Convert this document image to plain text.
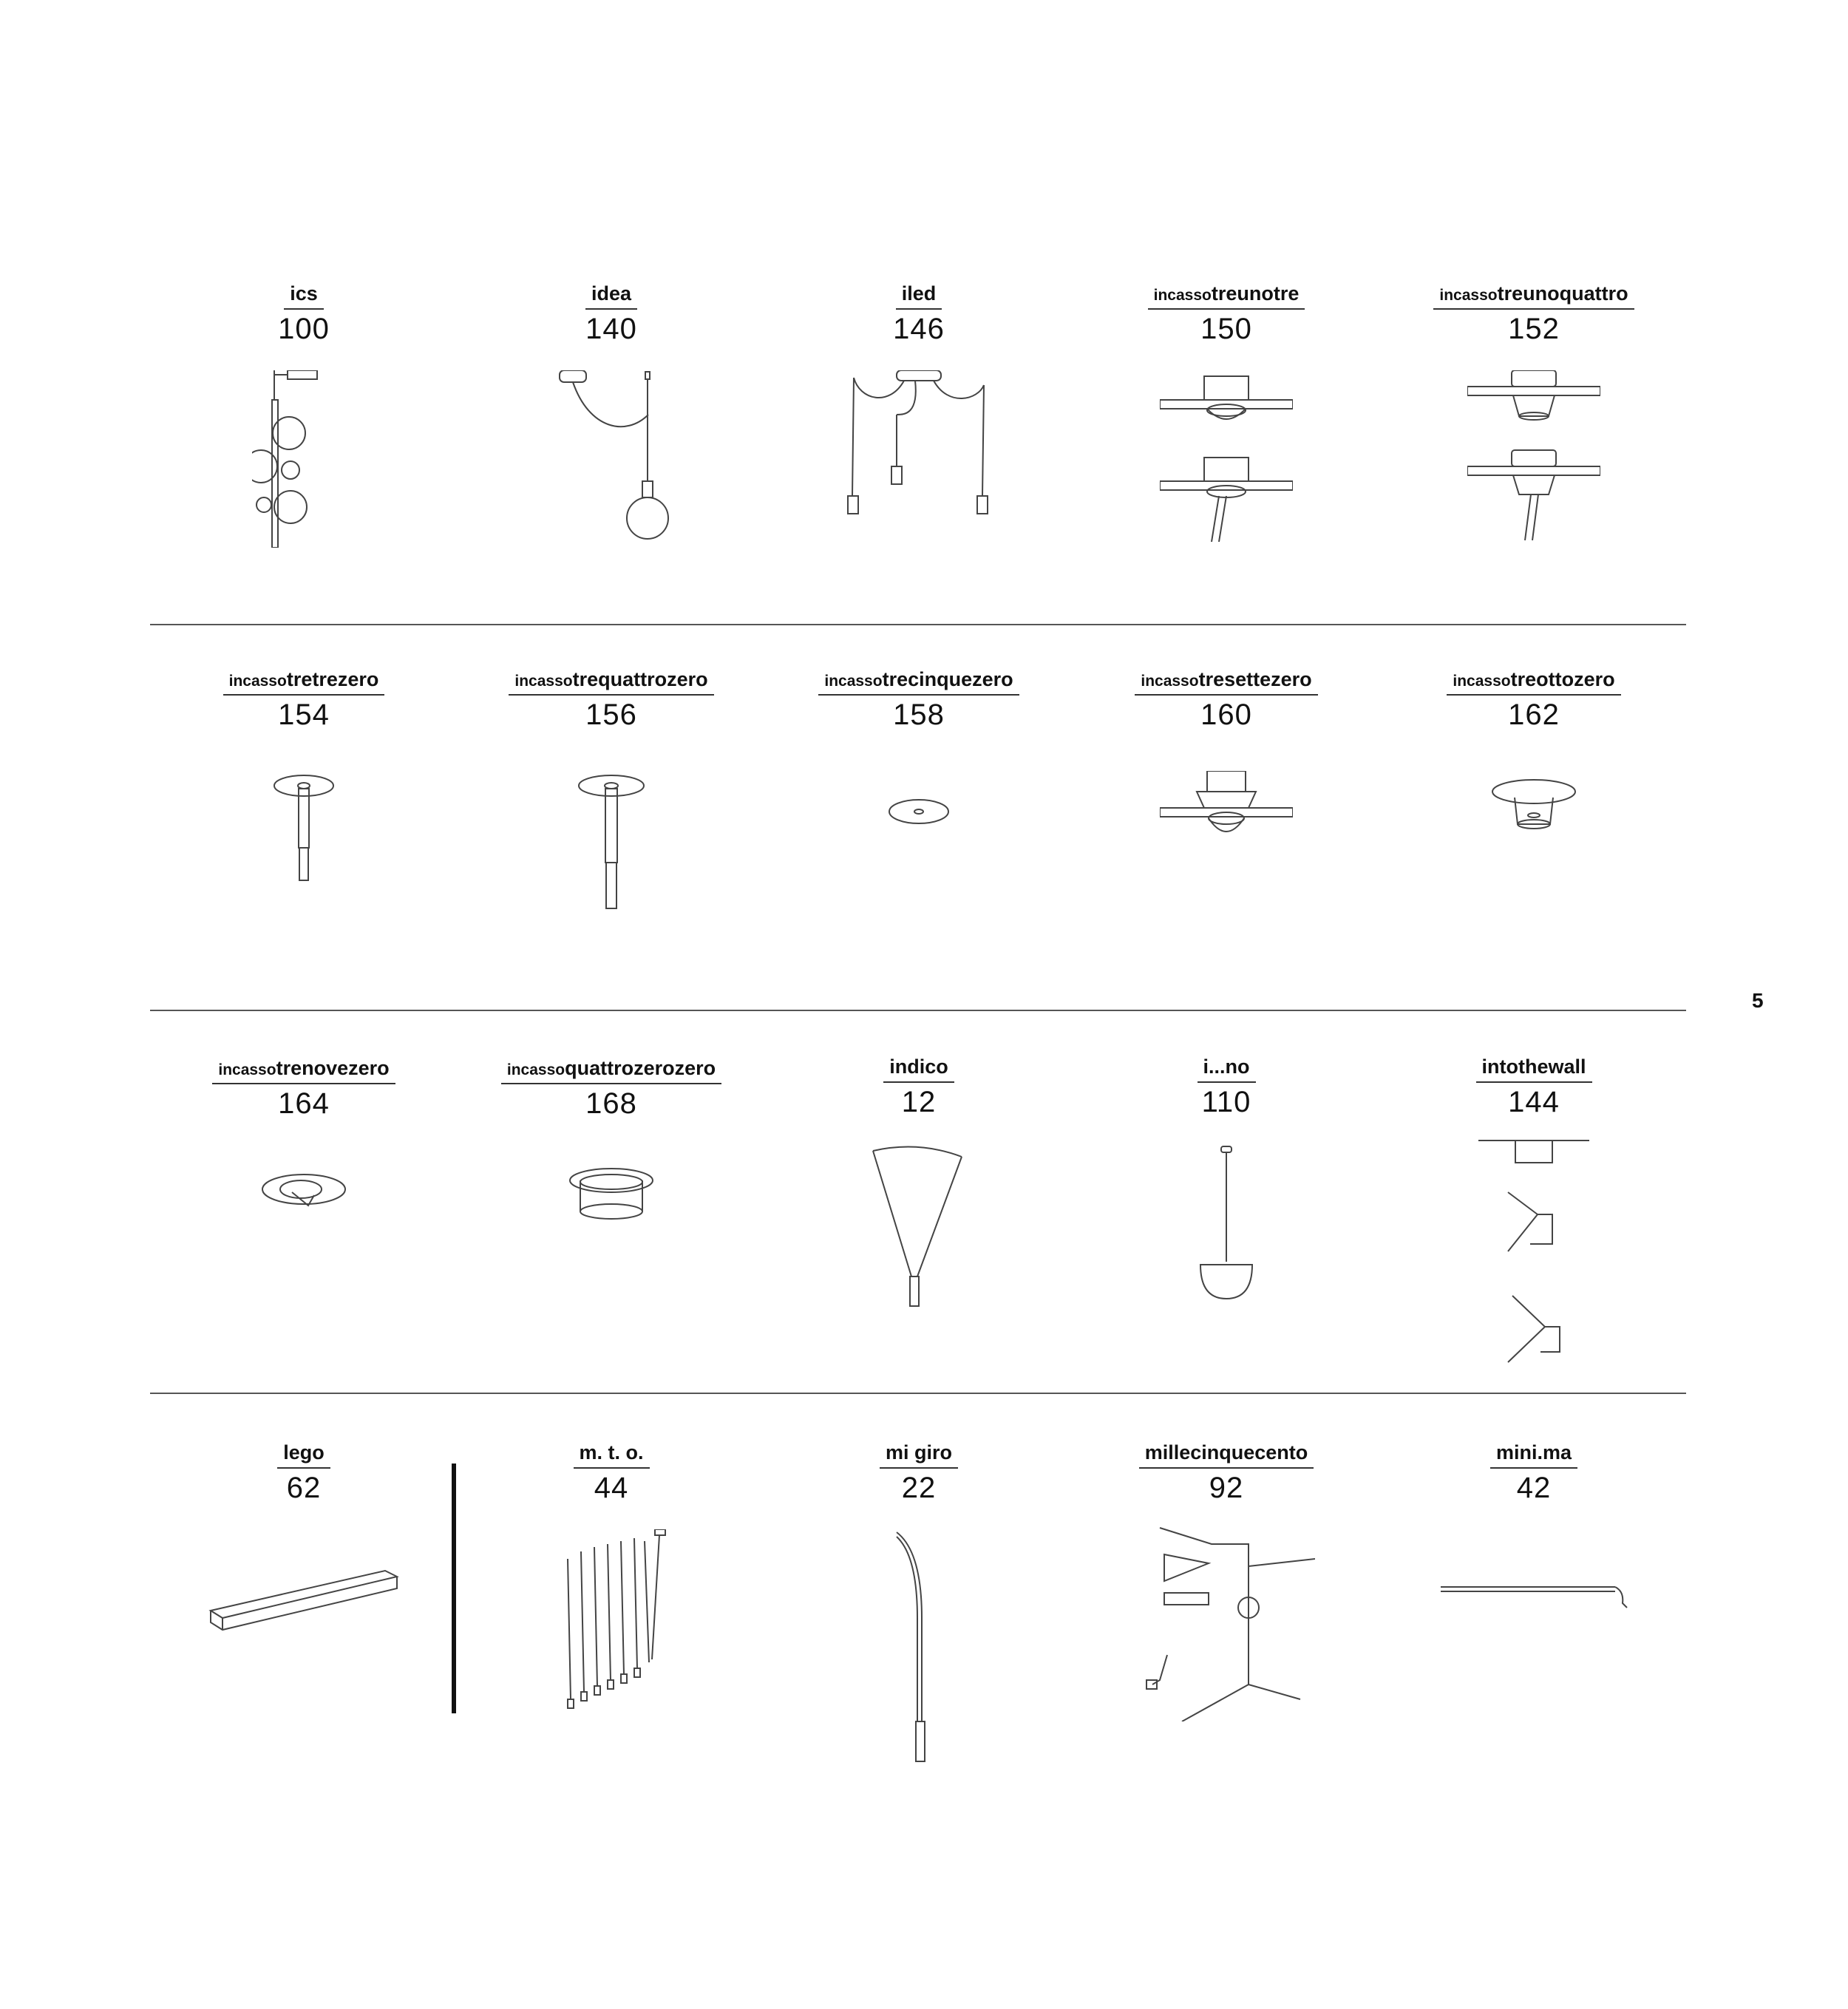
ics
100
idea
140
iled
146
incassotreunotre
150
incassotreunoquattro
152
incassotretrezero
154
incassotrequattrozero
156
incassotrecinquezero
158
incassotresettezero
160
incassotreottozero
162
incassotrenovezero
164
incassoquattrozerozero
168
indico
12
i...no
110
intothewall
144
lego
62
m. t. o.
44
mi giro
22
millecinquecento
92
mini.ma
42
5
